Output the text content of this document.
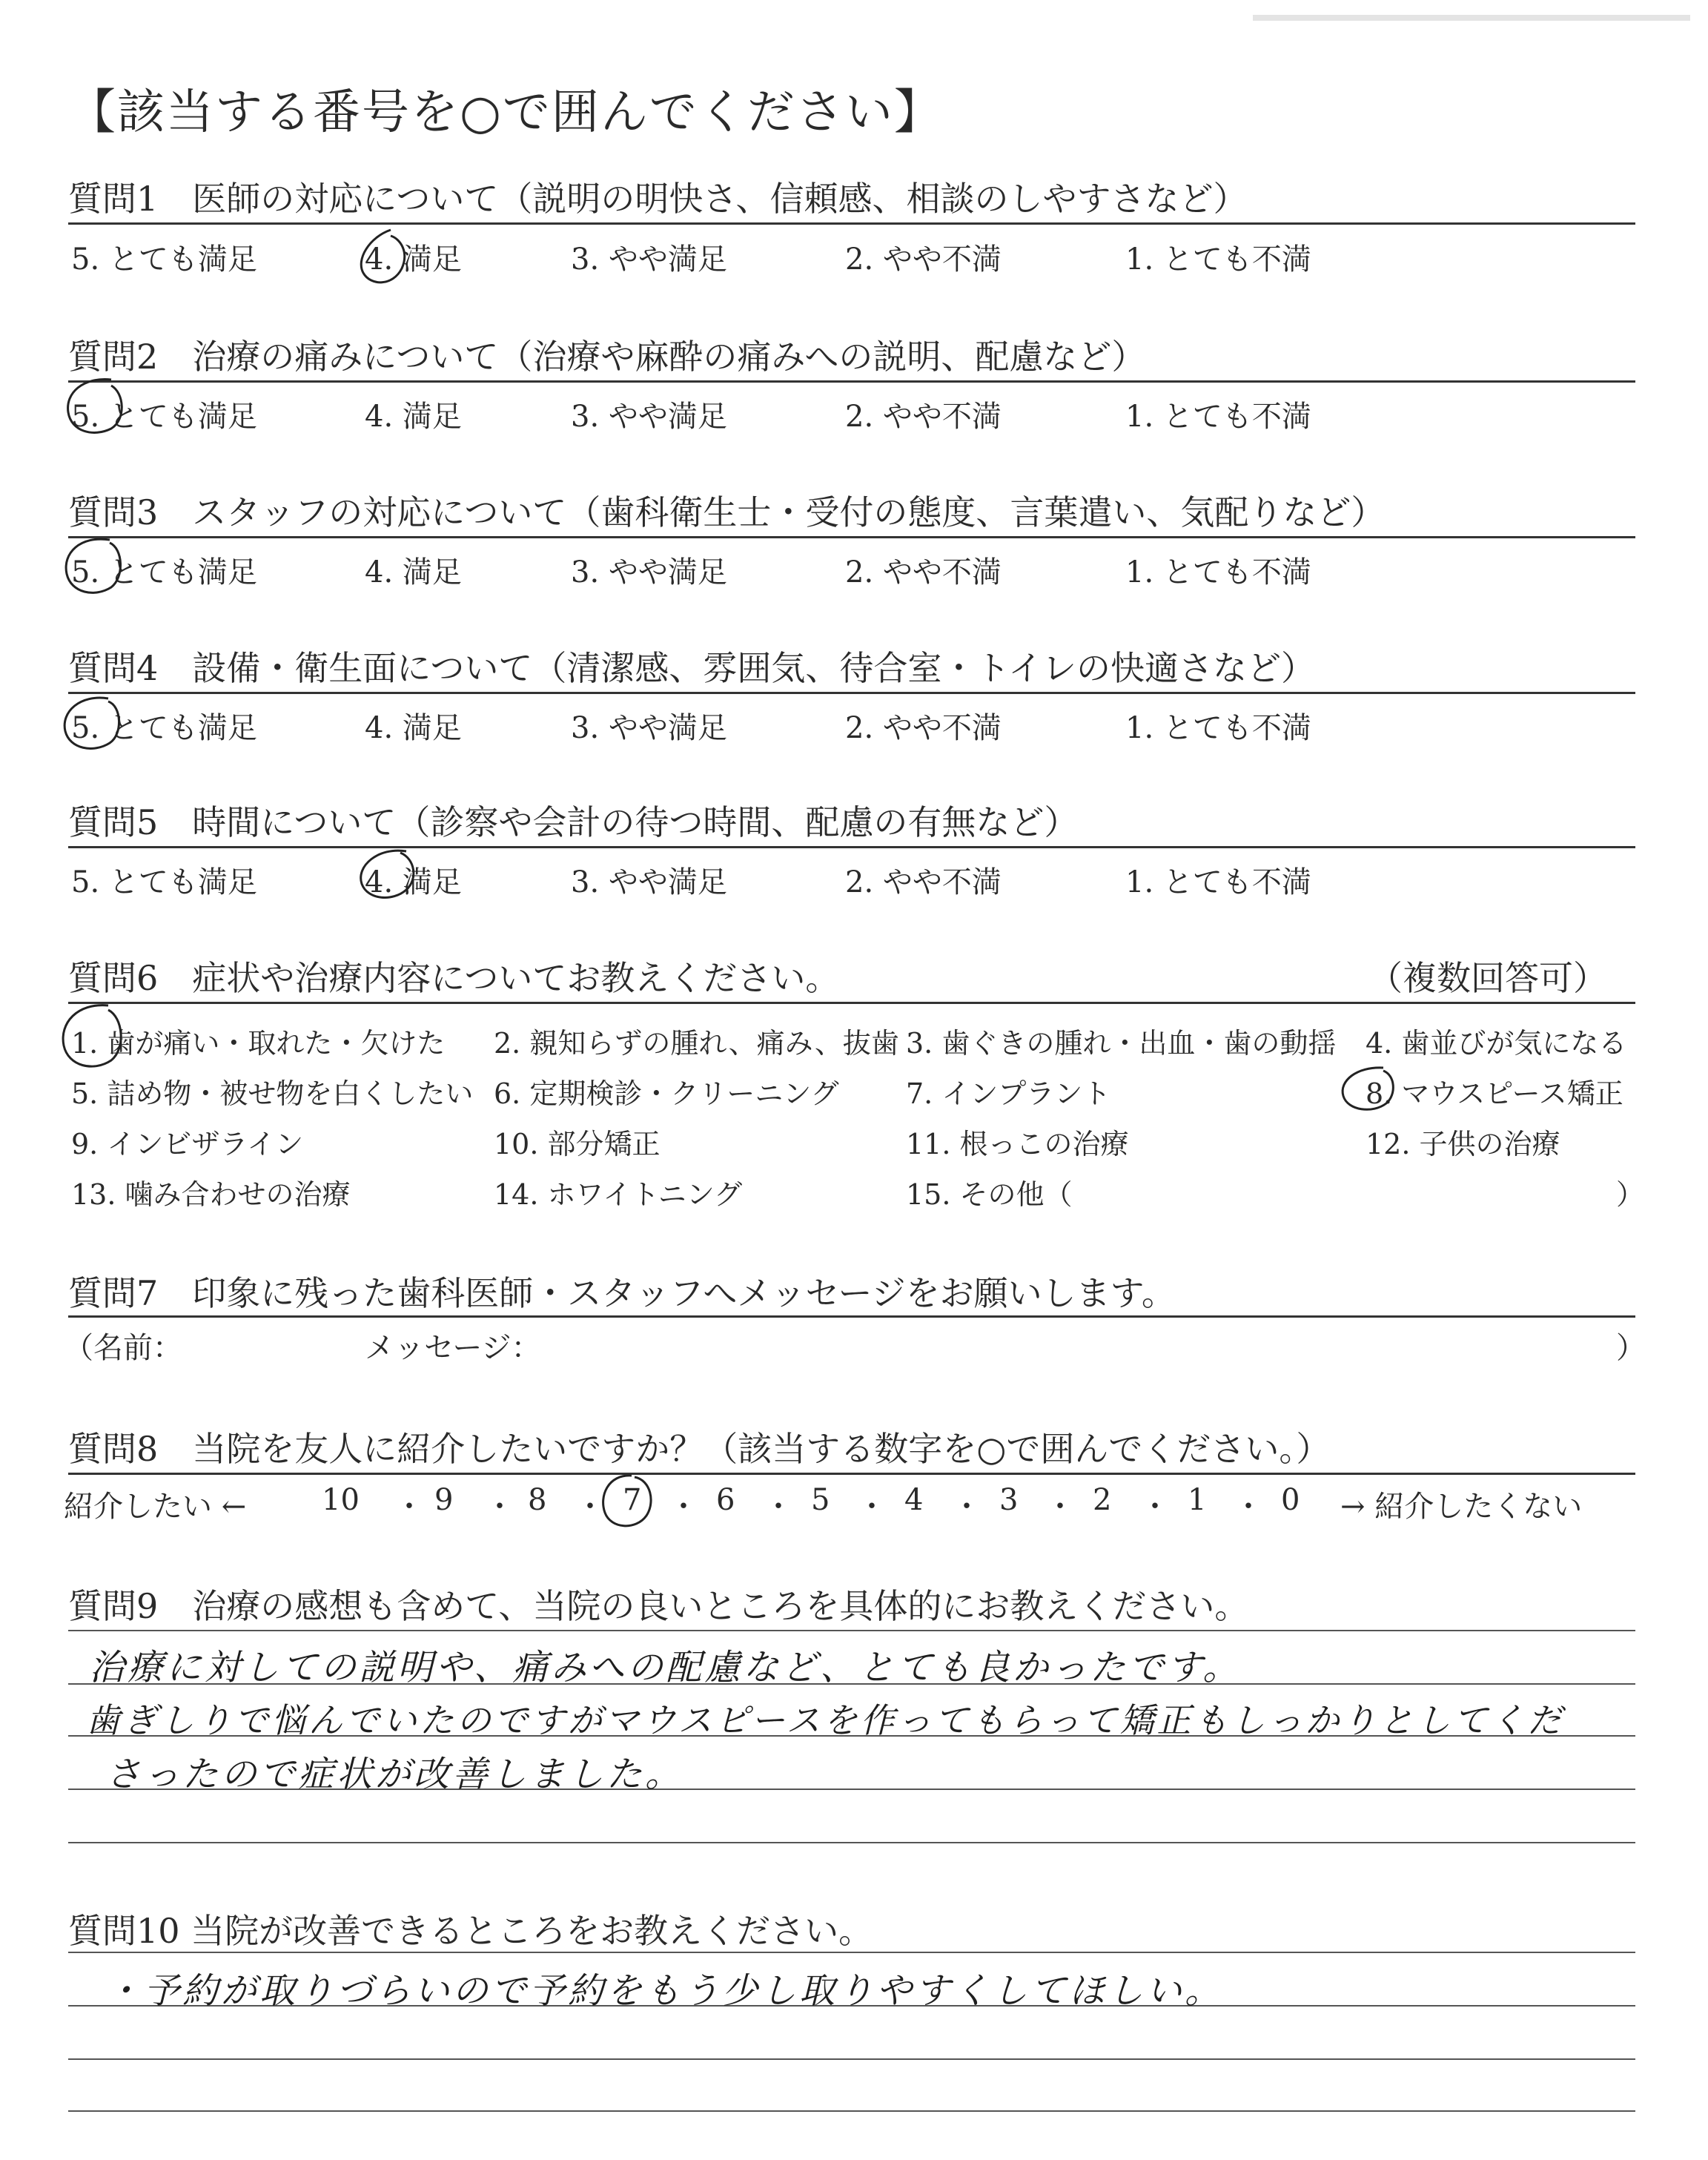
【該当する番号を○で囲んでください】
質問1　医師の対応について（説明の明快さ、信頼感、相談のしやすさなど）
5. とても満足	4. 満足	3. やや満足	2. やや不満	1. とても不満
質問2　治療の痛みについて（治療や麻酔の痛みへの説明、配慮など）
5. とても満足	4. 満足	3. やや満足	2. やや不満	1. とても不満
質問3　スタッフの対応について（歯科衛生士・受付の態度、言葉遣い、気配りなど）
5. とても満足	4. 満足	3. やや満足	2. やや不満	1. とても不満
質問4　設備・衛生面について（清潔感、雰囲気、待合室・トイレの快適さなど）
5. とても満足	4. 満足	3. やや満足	2. やや不満	1. とても不満
質問5　時間について（診察や会計の待つ時間、配慮の有無など）
5. とても満足	4. 満足	3. やや満足	2. やや不満	1. とても不満
質問6　症状や治療内容についてお教えください。	（複数回答可）
1. 歯が痛い・取れた・欠けた 2. 親知らずの腫れ、痛み、抜歯 3. 歯ぐきの腫れ・出血・歯の動揺 4. 歯並びが気になる
5. 詰め物・被せ物を白くしたい 6. 定期検診・クリーニング 7. インプラント	8. マウスピース矯正
9. インビザライン	10. 部分矯正	11. 根っこの治療	12. 子供の治療
13. 噛み合わせの治療	14. ホワイトニング	15. その他（	）
質問7　印象に残った歯科医師・スタッフへメッセージをお願いします。
（名前：	メッセージ：	）
質問8　当院を友人に紹介したいですか？（該当する数字を○で囲んでください。）
紹介したい ←	→ 紹介したくない
10 ・ 9 ・ 8 ・ 7 ・ 6 ・ 5 ・ 4 ・ 3 ・ 2 ・ 1 ・ 0
質問9　治療の感想も含めて、当院の良いところを具体的にお教えください。
治療に対しての説明や、痛みへの配慮など、とても良かったです。
歯ぎしりで悩んでいたのですがマウスピースを作ってもらって矯正もしっかりとしてくだ
さったので症状が改善しました。
質問10 当院が改善できるところをお教えください。
・予約が取りづらいので予約をもう少し取りやすくしてほしい。
